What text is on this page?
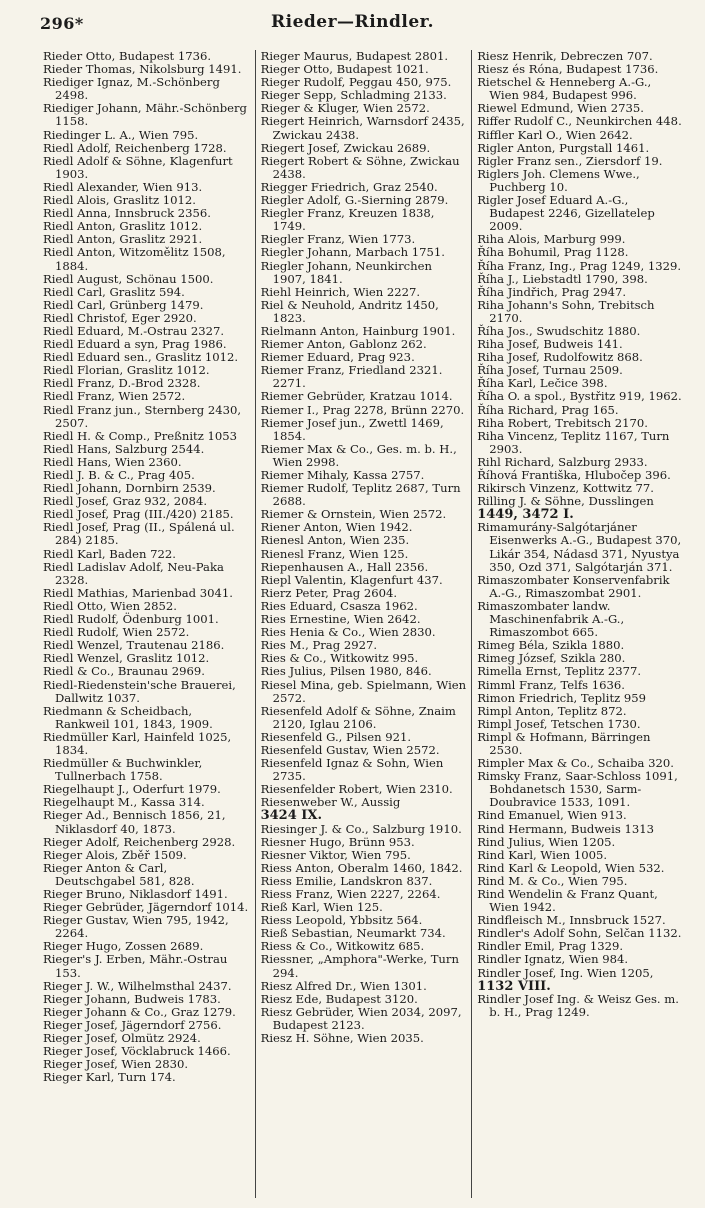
296*	Rieder—Rindler.
Rieder Otto, Budapest 1736.
Rieder Thomas, Nikolsburg 1491.
Riediger Ignaz, M.-Schönberg 2498.
Riediger Johann, Mähr.-Schönberg 1158.
Riedinger L. A., Wien 795.
Riedl Adolf, Reichenberg 1728.
Riedl Adolf & Söhne, Klagenfurt 1903.
Riedl Alexander, Wien 913.
Riedl Alois, Graslitz 1012.
Riedl Anna, Innsbruck 2356.
Riedl Anton, Graslitz 1012.
Riedl Anton, Graslitz 2921.
Riedl Anton, Witzomělitz 1508, 1884.
Riedl August, Schönau 1500.
Riedl Carl, Graslitz 594.
Riedl Carl, Grünberg 1479.
Riedl Christof, Eger 2920.
Riedl Eduard, M.-Ostrau 2327.
Riedl Eduard a syn, Prag 1986.
Riedl Eduard sen., Graslitz 1012.
Riedl Florian, Graslitz 1012.
Riedl Franz, D.-Brod 2328.
Riedl Franz, Wien 2572.
Riedl Franz jun., Sternberg 2430, 2507.
Riedl H. & Comp., Preßnitz 1053
Riedl Hans, Salzburg 2544.
Riedl Hans, Wien 2360.
Riedl J. B. & C., Prag 405.
Riedl Johann, Dornbirn 2539.
Riedl Josef, Graz 932, 2084.
Riedl Josef, Prag (III./420) 2185.
Riedl Josef, Prag (II., Spálená ul. 284) 2185.
Riedl Karl, Baden 722.
Riedl Ladislav Adolf, Neu-Paka 2328.
Riedl Mathias, Marienbad 3041.
Riedl Otto, Wien 2852.
Riedl Rudolf, Ödenburg 1001.
Riedl Rudolf, Wien 2572.
Riedl Wenzel, Trautenau 2186.
Riedl Wenzel, Graslitz 1012.
Riedl & Co., Braunau 2969.
Riedl-Riedenstein'sche Brauerei, Dallwitz 1037.
Riedmann & Scheidbach, Rankweil 101, 1843, 1909.
Riedmüller Karl, Hainfeld 1025, 1834.
Riedmüller & Buchwinkler, Tullnerbach 1758.
Riegelhaupt J., Oderfurt 1979.
Riegelhaupt M., Kassa 314.
Rieger Ad., Bennisch 1856, 21, Niklasdorf 40, 1873.
Rieger Adolf, Reichenberg 2928.
Rieger Alois, Zběř 1509.
Rieger Anton & Carl, Deutschgabel 581, 828.
Rieger Bruno, Niklasdorf 1491.
Rieger Gebrüder, Jägerndorf 1014.
Rieger Gustav, Wien 795, 1942, 2264.
Rieger Hugo, Zossen 2689.
Rieger's J. Erben, Mähr.-Ostrau 153.
Rieger J. W., Wilhelmsthal 2437.
Rieger Johann, Budweis 1783.
Rieger Johann & Co., Graz 1279.
Rieger Josef, Jägerndorf 2756.
Rieger Josef, Olmütz 2924.
Rieger Josef, Vöcklabruck 1466.
Rieger Josef, Wien 2830.
Rieger Karl, Turn 174.
Rieger Maurus, Budapest 2801.
Rieger Otto, Budapest 1021.
Rieger Rudolf, Peggau 450, 975.
Rieger Sepp, Schladming 2133.
Rieger & Kluger, Wien 2572.
Riegert Heinrich, Warnsdorf 2435, Zwickau 2438.
Riegert Josef, Zwickau 2689.
Riegert Robert & Söhne, Zwickau 2438.
Riegger Friedrich, Graz 2540.
Riegler Adolf, G.-Sierning 2879.
Riegler Franz, Kreuzen 1838, 1749.
Riegler Franz, Wien 1773.
Riegler Johann, Marbach 1751.
Riegler Johann, Neunkirchen 1907, 1841.
Riehl Heinrich, Wien 2227.
Riel & Neuhold, Andritz 1450, 1823.
Rielmann Anton, Hainburg 1901.
Riemer Anton, Gablonz 262.
Riemer Eduard, Prag 923.
Riemer Franz, Friedland 2321. 2271.
Riemer Gebrüder, Kratzau 1014.
Riemer I., Prag 2278, Brünn 2270.
Riemer Josef jun., Zwettl 1469, 1854.
Riemer Max & Co., Ges. m. b. H., Wien 2998.
Riemer Mihaly, Kassa 2757.
Riemer Rudolf, Teplitz 2687, Turn 2688.
Riemer & Ornstein, Wien 2572.
Riener Anton, Wien 1942.
Rienesl Anton, Wien 235.
Rienesl Franz, Wien 125.
Riepenhausen A., Hall 2356.
Riepl Valentin, Klagenfurt 437.
Rierz Peter, Prag 2604.
Ries Eduard, Csasza 1962.
Ries Ernestine, Wien 2642.
Ries Henia & Co., Wien 2830.
Ries M., Prag 2927.
Ries & Co., Witkowitz 995.
Ries Julius, Pilsen 1980, 846.
Riesel Mina, geb. Spielmann, Wien 2572.
Riesenfeld Adolf & Söhne, Znaim 2120, Iglau 2106.
Riesenfeld G., Pilsen 921.
Riesenfeld Gustav, Wien 2572.
Riesenfeld Ignaz & Sohn, Wien 2735.
Riesenfelder Robert, Wien 2310.
Riesenweber W., Aussig
3424 IX.
Riesinger J. & Co., Salzburg 1910.
Riesner Hugo, Brünn 953.
Riesner Viktor, Wien 795.
Riess Anton, Oberalm 1460, 1842.
Riess Emilie, Landskron 837.
Riess Franz, Wien 2227, 2264.
Rieß Karl, Wien 125.
Riess Leopold, Ybbsitz 564.
Rieß Sebastian, Neumarkt 734.
Riess & Co., Witkowitz 685.
Riessner, „Amphora"-Werke, Turn 294.
Riesz Alfred Dr., Wien 1301.
Riesz Ede, Budapest 3120.
Riesz Gebrüder, Wien 2034, 2097, Budapest 2123.
Riesz H. Söhne, Wien 2035.
Riesz Henrik, Debreczen 707.
Riesz és Róna, Budapest 1736.
Rietschel & Henneberg A.-G., Wien 984, Budapest 996.
Riewel Edmund, Wien 2735.
Riffer Rudolf C., Neunkirchen 448.
Riffler Karl O., Wien 2642.
Rigler Anton, Purgstall 1461.
Rigler Franz sen., Ziersdorf 19.
Riglers Joh. Clemens Wwe., Puchberg 10.
Rigler Josef Eduard A.-G., Budapest 2246, Gizellatelep 2009.
Riha Alois, Marburg 999.
Říha Bohumil, Prag 1128.
Říha Franz, Ing., Prag 1249, 1329.
Říha J., Liebstadtl 1790, 398.
Říha Jindřich, Prag 2947.
Riha Johann's Sohn, Trebitsch 2170.
Říha Jos., Swudschitz 1880.
Riha Josef, Budweis 141.
Riha Josef, Rudolfowitz 868.
Říha Josef, Turnau 2509.
Říha Karl, Lečice 398.
Říha O. a spol., Bystřitz 919, 1962.
Říha Richard, Prag 165.
Riha Robert, Trebitsch 2170.
Riha Vincenz, Teplitz 1167, Turn 2903.
Rihl Richard, Salzburg 2933.
Říhová Františka, Hlubočep 396.
Rikirsch Vinzenz, Kottwitz 77.
Rilling J. & Söhne, Dusslingen
1449, 3472 I.
Rimamurány-Salgótarjáner Eisenwerks A.-G., Budapest 370, Likár 354, Nádasd 371, Nyustya 350, Ozd 371, Salgótarján 371.
Rimaszombater Konservenfabrik A.-G., Rimaszombat 2901.
Rimaszombater landw. Maschinenfabrik A.-G., Rimaszombot 665.
Rimeg Béla, Szikla 1880.
Rimeg József, Szikla 280.
Rimella Ernst, Teplitz 2377.
Rimml Franz, Telfs 1636.
Rimon Friedrich, Teplitz 959
Rimpl Anton, Teplitz 872.
Rimpl Josef, Tetschen 1730.
Rimpl & Hofmann, Bärringen 2530.
Rimpler Max & Co., Schaiba 320.
Rimsky Franz, Saar-Schloss 1091, Bohdanetsch 1530, Sarm-Doubravice 1533, 1091.
Rind Emanuel, Wien 913.
Rind Hermann, Budweis 1313
Rind Julius, Wien 1205.
Rind Karl, Wien 1005.
Rind Karl & Leopold, Wien 532.
Rind M. & Co., Wien 795.
Rind Wendelin & Franz Quant, Wien 1942.
Rindfleisch M., Innsbruck 1527.
Rindler's Adolf Sohn, Selčan 1132.
Rindler Emil, Prag 1329.
Rindler Ignatz, Wien 984.
Rindler Josef, Ing. Wien 1205,
1132 VIII.
Rindler Josef Ing. & Weisz Ges. m. b. H., Prag 1249.
